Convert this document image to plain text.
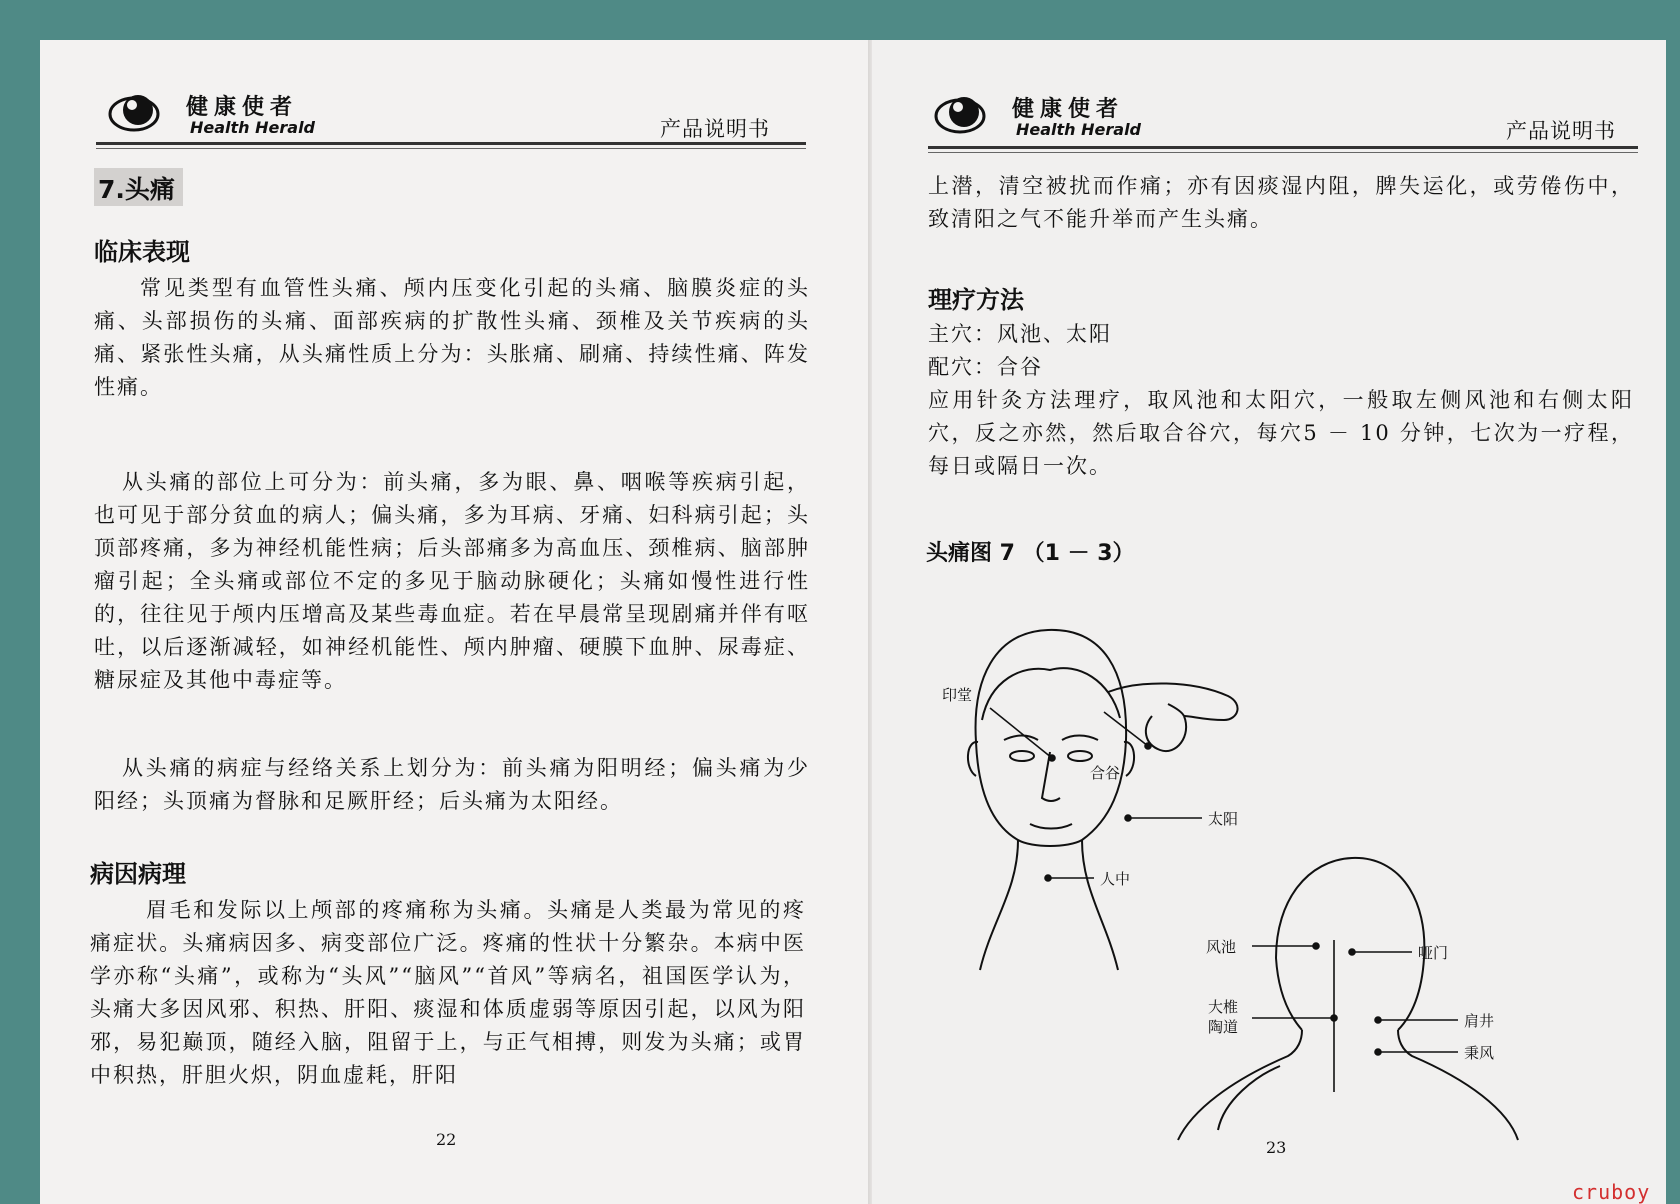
健康使者
Health Herald	产品说明书
7.头痛
临床表现
常见类型有血管性头痛、颅内压变化引起的头痛、脑膜炎症的头痛、头部损伤的头痛、面部疾病的扩散性头痛、颈椎及关节疾病的头痛、紧张性头痛，从头痛性质上分为：头胀痛、刷痛、持续性痛、阵发性痛。
从头痛的部位上可分为：前头痛，多为眼、鼻、咽喉等疾病引起，也可见于部分贫血的病人；偏头痛，多为耳病、牙痛、妇科病引起；头顶部疼痛，多为神经机能性病；后头部痛多为高血压、颈椎病、脑部肿瘤引起；全头痛或部位不定的多见于脑动脉硬化；头痛如慢性进行性的，往往见于颅内压增高及某些毒血症。若在早晨常呈现剧痛并伴有呕吐，以后逐渐减轻，如神经机能性、颅内肿瘤、硬膜下血肿、尿毒症、糖尿症及其他中毒症等。
从头痛的病症与经络关系上划分为：前头痛为阳明经；偏头痛为少阳经；头顶痛为督脉和足厥肝经；后头痛为太阳经。
病因病理
眉毛和发际以上颅部的疼痛称为头痛。头痛是人类最为常见的疼痛症状。头痛病因多、病变部位广泛。疼痛的性状十分繁杂。本病中医学亦称“头痛”，或称为“头风”“脑风”“首风”等病名，祖国医学认为，头痛大多因风邪、积热、肝阳、痰湿和体质虚弱等原因引起，以风为阳邪，易犯巅顶，随经入脑，阻留于上，与正气相搏，则发为头痛；或胃中积热，肝胆火炽，阴血虚耗，肝阳
22
健康使者
Health Herald	产品说明书
上潜，清空被扰而作痛；亦有因痰湿内阻，脾失运化，或劳倦伤中，致清阳之气不能升举而产生头痛。
理疗方法
主穴：风池、太阳
配穴：合谷
应用针灸方法理疗，取风池和太阳穴，一般取左侧风池和右侧太阳穴，反之亦然，然后取合谷穴，每穴5 － 10 分钟，七次为一疗程，每日或隔日一次。
头痛图 7 （1 － 3）
印堂
合谷
太阳
人中
风池	哑门
大椎
陶道	肩井
秉风
23
cruboy
